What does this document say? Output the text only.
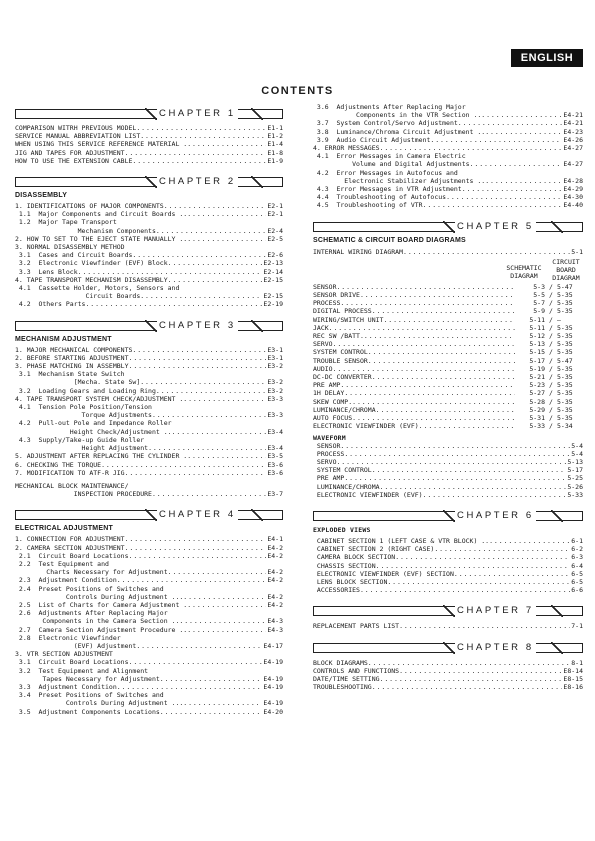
ENGLISH
CONTENTS
CHAPTER 1
COMPARISON WITRH PREVIOUS MODEL . . .	E1-1
SERVICE MANUAL ABBREVIATION LIST . . .	E1-2
WHEN USING THIS SERVICE REFERENCE MATERIAL . . . .	E1-4
JIG AND TAPES FOR ADJUSTMENT . . .	E1-8
HOW TO USE THE EXTENSION CABLE . . .	E1-9
CHAPTER 2
DISASSEMBLY
1. IDENTIFICATIONS OF MAJOR COMPONENTS . . .	E2-1
1.1  Major Components and Circuit Boards .. . . .	E2-1
1.2  Major Tape Transport
Mechanism Components . . .	E2-4
2. HOW TO SET TO THE EJECT STATE MANUALLY .. . . .	E2-5
3. NORMAL DISASSEMBLY METHOD
3.1  Cases and Circuit Boards . . .	E2-6
3.2  Electronic Viewfinder (EVF) Block . . .	E2-13
3.3  Lens Block . . .	E2-14
4. TAPE TRANSPORT MECHANISM DISASSEMBLY . . .	E2-15
4.1  Cassette Holder, Motors, Sensors and
Circuit Boards . . .	E2-15
4.2  Others Parts . . .	E2-19
CHAPTER 3
MECHANISM ADJUSTMENT
1. MAJOR MECHANICAL COMPONENTS . . .	E3-1
2. BEFORE STARTING ADJUSTMENT . . .	E3-1
3. PHASE MATCHING IN ASSEMBLY . . .	E3-2
3.1  Mechanism State Switch
[Mecha. State Sw] . . .	E3-2
3.2  Loading Gears and Loading Ring . . .	E3-2
4. TAPE TRANSPORT SYSTEM CHECK/ADJUSTMENT . . . .	E3-3
4.1  Tension Pole Position/Tension
Torque Adjustments . . .	E3-3
4.2  Pull-out Pole and Impedance Roller
Height Check/Adjustment .. . . .	E3-4
4.3  Supply/Take-up Guide Roller
Height Adjustment . . .	E3-4
5. ADJUSTMENT AFTER REPLACING THE CYLINDER . . . .	E3-5
6. CHECKING THE TORQUE . . .	E3-6
7. MODIFICATION TO ATF-R JIG . . .	E3-6
MECHANICAL BLOCK MAINTENANCE/
INSPECTION PROCEDURE . . .	E3-7
CHAPTER 4
ELECTRICAL ADJUSTMENT
1. CONNECTION FOR ADJUSTMENT . . .	E4-1
2. CAMERA SECTION ADJUSTMENT . . .	E4-2
2.1  Circuit Board Locations . . .	E4-2
2.2  Test Equipment and
Charts Necessary for Adjustment . . .	E4-2
2.3  Adjustment Condition . . .	E4-2
2.4  Preset Positions of Switches and
Controls During Adjustment ... . . .	E4-2
2.5  List of Charts for Camera Adjustment . . . .	E4-2
2.6  Adjustments After Replacing Major
Components in the Camera Section .. . . .	E4-3
2.7  Camera Section Adjustment Procedure .. . . .	E4-3
2.8  Electronic Viewfinder
(EVF) Adjustment . . .	E4-17
3. VTR SECTION ADJUSTMENT
3.1  Circuit Board Locations . . .	E4-19
3.2  Test Equipment and Alignment
Tapes Necessary for Adjustment . . .	E4-19
3.3  Adjustment Condition . . .	E4-19
3.4  Preset Positions of Switches and
Controls During Adjustment ... . . .	E4-19
3.5  Adjustment Components Locations . . .	E4-20
3.6  Adjustments After Replacing Major
Components in the VTR Section .. . . .	E4-21
3.7  System Control/Servo Adjustment . . .	E4-21
3.8  Luminance/Chroma Circuit Adjustment .. . . .	E4-23
3.9  Audio Circuit Adjustment . . .	E4-26
4. ERROR MESSAGES . . .	E4-27
4.1  Error Messages in Camera Electric
Volume and Digital Adjustments . . .	E4-27
4.2  Error Messages in Autofocus and
Electronic Stabilizer Adjustments .. . . .	E4-28
4.3  Error Messages in VTR Adjustment . . .	E4-29
4.4  Troubleshooting of Autofocus . . .	E4-30
4.5  Troubleshooting of VTR . . .	E4-40
CHAPTER 5
SCHEMATIC & CIRCUIT BOARD DIAGRAMS
INTERNAL WIRING DIAGRAM . . .	5-1
SCHEMATIC
DIAGRAM
CIRCUIT
BOARD
DIAGRAM
SENSOR . . .	5-3 / 5-47
SENSOR DRIVE . . .	5-5 / 5-35
PROCESS . . .	5-7 / 5-35
DIGITAL PROCESS . . .	5-9 / 5-35
WIRING/SWITCH UNIT . . .	5-11 / —
JACK . . .	5-11 / 5-35
REC SW /BATT. . . .	5-12 / 5-35
SERVO . . .	5-13 / 5-35
SYSTEM CONTROL . . .	5-15 / 5-35
TROUBLE SENSOR . . .	5-17 / 5-47
AUDIO . . .	5-19 / 5-35
DC-DC CONVERTER . . .	5-21 / 5-35
PRE AMP . . .	5-23 / 5-35
1H DELAY . . .	5-27 / 5-35
SKEW COMP. . . .	5-28 / 5-35
LUMINANCE/CHROMA . . .	5-29 / 5-35
AUTO FOCUS . . .	5-31 / 5-35
ELECTRONIC VIEWFINDER (EVF) . . .	5-33 / 5-34
WAVEFORM
SENSOR . . .	5-4
PROCESS . . .	5-4
SERVO . . .	5-13
SYSTEM CONTROL . . .	5-17
PRE AMP . . .	5-25
LUMINANCE/CHROMA . . .	5-26
ELECTRONIC VIEWFINDER (EVF) . . .	5-33
CHAPTER 6
EXPLODED VIEWS
CABINET SECTION 1 (LEFT CASE & VTR BLOCK) .. . . .	6-1
CABINET SECTION 2 (RIGHT CASE) . . .	6-2
CAMERA BLOCK SECTION . . .	6-3
CHASSIS SECTION . . .	6-4
ELECTRONIC VIEWFINDER (EVF) SECTION . . .	6-5
LENS BLOCK SECTION . . .	6-5
ACCESSORIES . . .	6-6
CHAPTER 7
REPLACEMENT PARTS LIST . . .	7-1
CHAPTER 8
BLOCK DIAGRAMS . . .	8-1
CONTROLS AND FUNCTIONS . . .	E8-14
DATE/TIME SETTING . . .	E8-15
TROUBLESHOOTING . . .	E8-16
